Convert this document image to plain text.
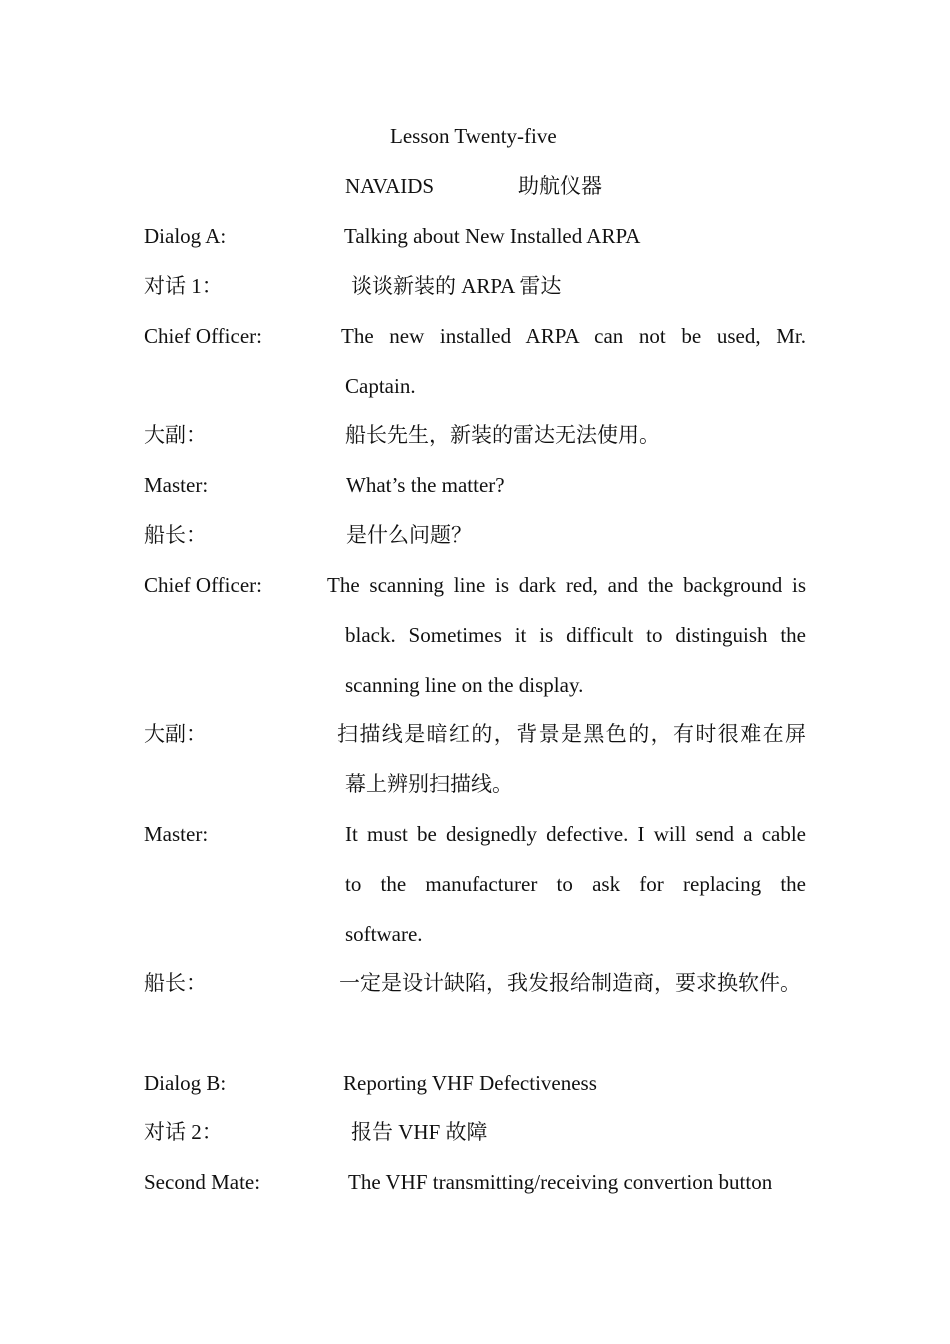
Lesson Twenty-five
NAVAIDS	助航仪器
Dialog A:	Talking about New Installed ARPA
对话 1：	谈谈新装的 ARPA 雷达
Chief Officer:	The new installed ARPA can not be used, Mr.
Captain.
大副：	船长先生，新装的雷达无法使用。
Master:	What’s the matter?
船长：	是什么问题？
Chief Officer:	The scanning line is dark red, and the background is
black. Sometimes it is difficult to distinguish the
scanning line on the display.
大副：	扫描线是暗红的，背景是黑色的，有时很难在屏
幕上辨别扫描线。
Master:	It must be designedly defective. I will send a cable
to the manufacturer to ask for replacing the
software.
船长：	一定是设计缺陷，我发报给制造商，要求换软件。
Dialog B:	Reporting VHF Defectiveness
对话 2：	报告 VHF 故障
Second Mate:	The VHF transmitting/receiving convertion button
